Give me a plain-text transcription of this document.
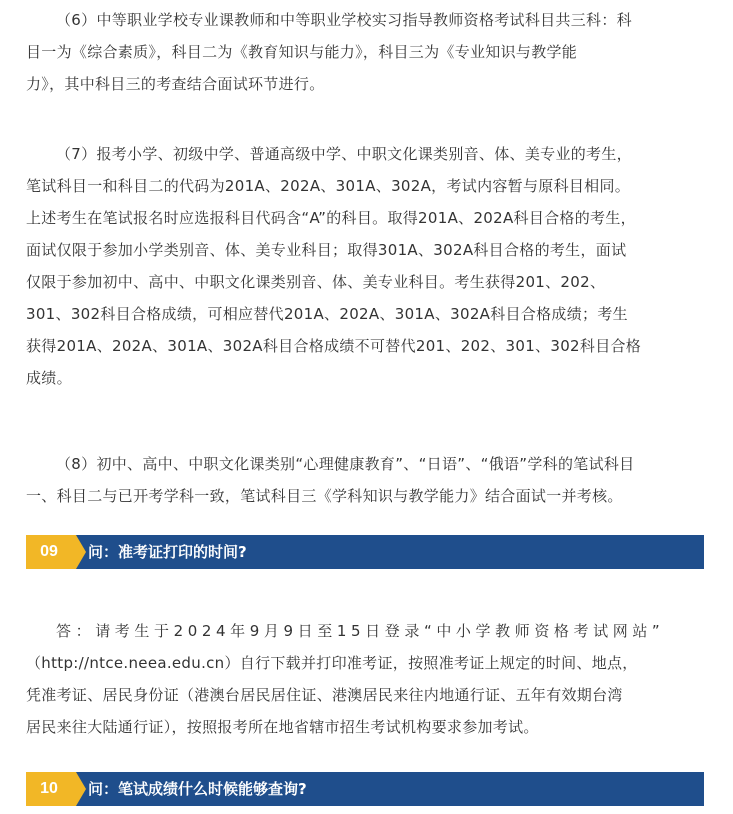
（6）中等职业学校专业课教师和中等职业学校实习指导教师资格考试科目共三科：科
目一为《综合素质》，科目二为《教育知识与能力》，科目三为《专业知识与教学能
力》，其中科目三的考查结合面试环节进行。
（7）报考小学、初级中学、普通高级中学、中职文化课类别音、体、美专业的考生，
笔试科目一和科目二的代码为201A、202A、301A、302A，考试内容暂与原科目相同。
上述考生在笔试报名时应选报科目代码含“A”的科目。取得201A、202A科目合格的考生，
面试仅限于参加小学类别音、体、美专业科目；取得301A、302A科目合格的考生，面试
仅限于参加初中、高中、中职文化课类别音、体、美专业科目。考生获得201、202、
301、302科目合格成绩，可相应替代201A、202A、301A、302A科目合格成绩；考生
获得201A、202A、301A、302A科目合格成绩不可替代201、202、301、302科目合格
成绩。
（8）初中、高中、中职文化课类别“心理健康教育”、“日语”、“俄语”学科的笔试科目
一、科目二与已开考学科一致，笔试科目三《学科知识与教学能力》结合面试一并考核。
09	问：准考证打印的时间?
答：请考生于2024年9月9日至15日登录“中小学教师资格考试网站”
（http://ntce.neea.edu.cn）自行下载并打印准考证，按照准考证上规定的时间、地点，
凭准考证、居民身份证（港澳台居民居住证、港澳居民来往内地通行证、五年有效期台湾
居民来往大陆通行证），按照报考所在地省辖市招生考试机构要求参加考试。
10	问：笔试成绩什么时候能够查询?
